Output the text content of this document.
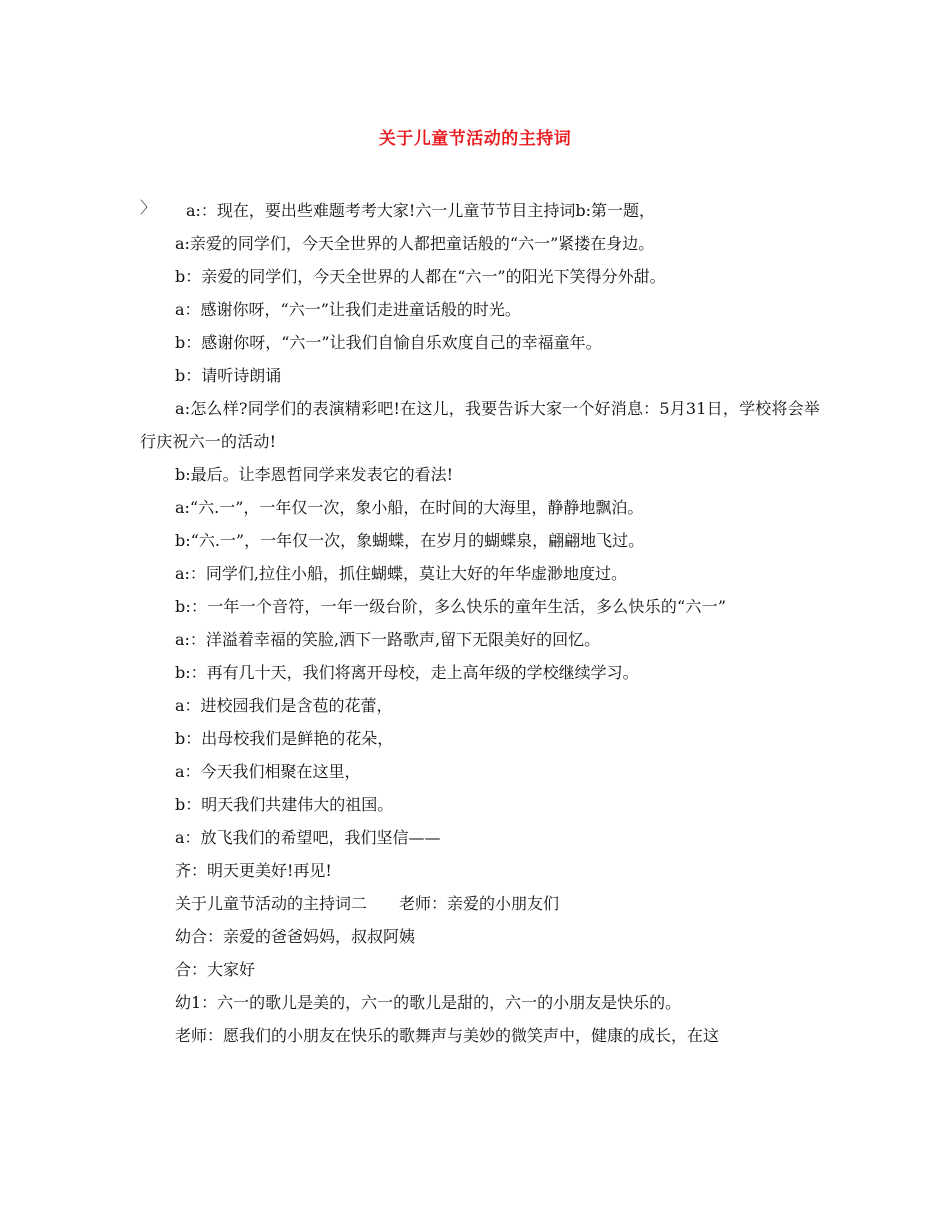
关于儿童节活动的主持词
〉	a:：现在，要出些难题考考大家!六一儿童节节目主持词b:第一题，
a:亲爱的同学们，今天全世界的人都把童话般的“六一”紧搂在身边。
b：亲爱的同学们，今天全世界的人都在“六一”的阳光下笑得分外甜。
a：感谢你呀，“六一”让我们走进童话般的时光。
b：感谢你呀，“六一”让我们自愉自乐欢度自己的幸福童年。
b：请听诗朗诵
a:怎么样?同学们的表演精彩吧!在这儿，我要告诉大家一个好消息：5月31日，学校将会举行庆祝六一的活动!
b:最后。让李恩哲同学来发表它的看法!
a:“六.一”，一年仅一次，象小船，在时间的大海里，静静地飘泊。
b:“六.一”，一年仅一次，象蝴蝶，在岁月的蝴蝶泉，翩翩地飞过。
a:：同学们,拉住小船，抓住蝴蝶，莫让大好的年华虚渺地度过。
b:：一年一个音符，一年一级台阶，多么快乐的童年生活，多么快乐的“六一”
a:：洋溢着幸福的笑脸,洒下一路歌声,留下无限美好的回忆。
b:：再有几十天，我们将离开母校，走上高年级的学校继续学习。
a：进校园我们是含苞的花蕾，
b：出母校我们是鲜艳的花朵，
a：今天我们相聚在这里，
b：明天我们共建伟大的祖国。
a：放飞我们的希望吧，我们坚信——
齐：明天更美好!再见!
关于儿童节活动的主持词二　　老师：亲爱的小朋友们
幼合：亲爱的爸爸妈妈，叔叔阿姨
合：大家好
幼1：六一的歌儿是美的，六一的歌儿是甜的，六一的小朋友是快乐的。
老师：愿我们的小朋友在快乐的歌舞声与美妙的微笑声中，健康的成长，在这
